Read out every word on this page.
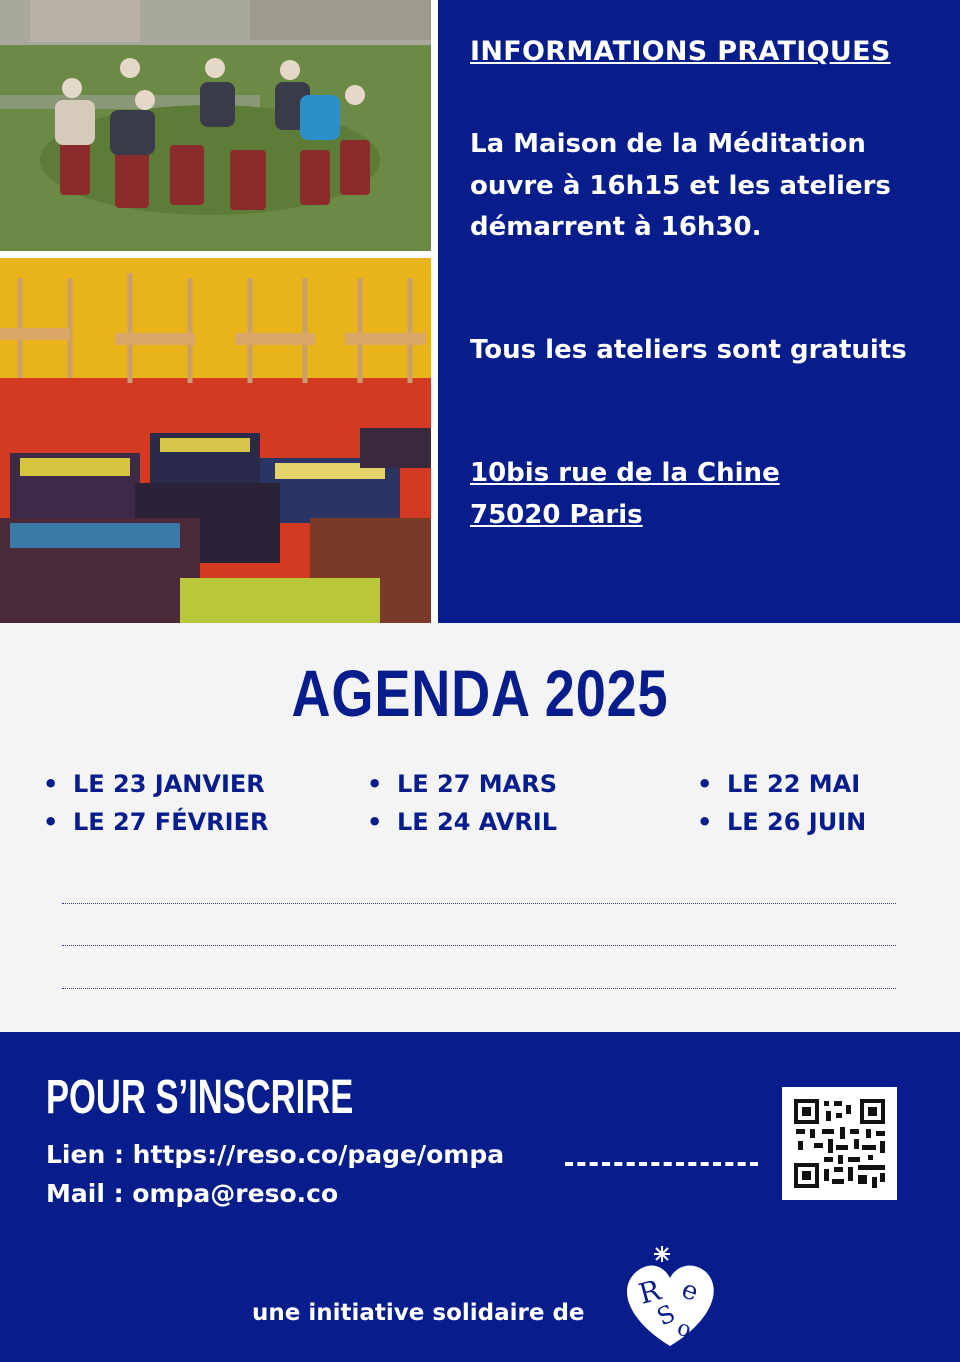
INFORMATIONS PRATIQUES
La Maison de la Méditation ouvre à 16h15 et les ateliers démarrent à 16h30.
Tous les ateliers sont gratuits
10bis rue de la Chine
75020 Paris
AGENDA 2025
• LE 23 JANVIER
• LE 27 FÉVRIER
• LE 27 MARS
• LE 24 AVRIL
• LE 22 MAI
• LE 26 JUIN
POUR S’INSCRIRE
Lien : https://reso.co/page/ompa
Mail : ompa@reso.co
une initiative solidaire de
R e
S
o
